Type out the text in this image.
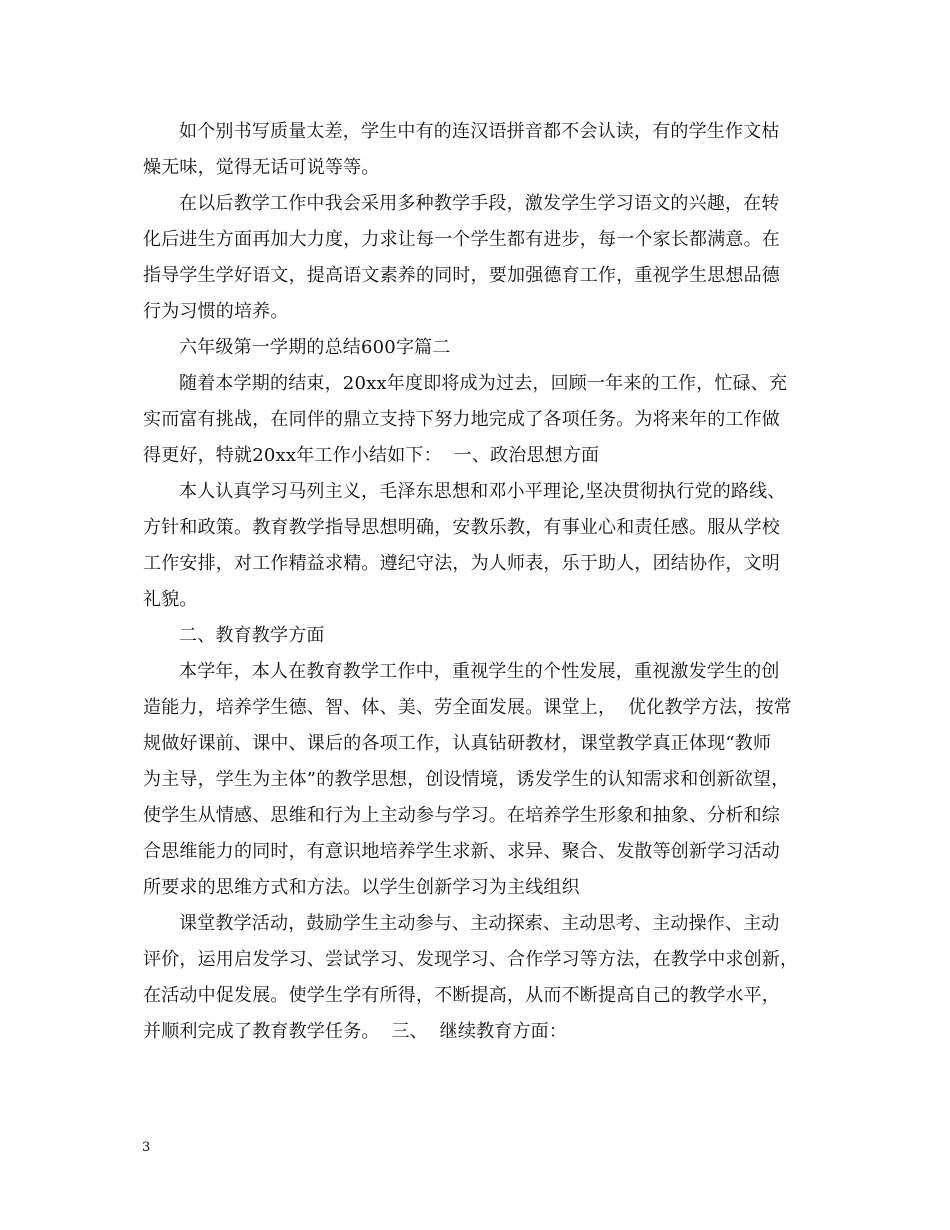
如个别书写质量太差，学生中有的连汉语拼音都不会认读，有的学生作文枯
燥无味，觉得无话可说等等。
在以后教学工作中我会采用多种教学手段，激发学生学习语文的兴趣，在转
化后进生方面再加大力度，力求让每一个学生都有进步，每一个家长都满意。在
指导学生学好语文，提高语文素养的同时，要加强德育工作，重视学生思想品德
行为习惯的培养。
六年级第一学期的总结600字篇二
随着本学期的结束，20xx年度即将成为过去，回顾一年来的工作，忙碌、充
实而富有挑战，在同伴的鼎立支持下努力地完成了各项任务。为将来年的工作做
得更好，特就20xx年工作小结如下：  一、政治思想方面
本人认真学习马列主义，毛泽东思想和邓小平理论,坚决贯彻执行党的路线、
方针和政策。教育教学指导思想明确，安教乐教，有事业心和责任感。服从学校
工作安排，对工作精益求精。遵纪守法，为人师表，乐于助人，团结协作，文明
礼貌。
二、教育教学方面
本学年，本人在教育教学工作中，重视学生的个性发展，重视激发学生的创
造能力，培养学生德、智、体、美、劳全面发展。课堂上，  优化教学方法，按常
规做好课前、课中、课后的各项工作，认真钻研教材，课堂教学真正体现“教师
为主导，学生为主体”的教学思想，创设情境，诱发学生的认知需求和创新欲望，
使学生从情感、思维和行为上主动参与学习。在培养学生形象和抽象、分析和综
合思维能力的同时，有意识地培养学生求新、求异、聚合、发散等创新学习活动
所要求的思维方式和方法。以学生创新学习为主线组织
课堂教学活动，鼓励学生主动参与、主动探索、主动思考、主动操作、主动
评价，运用启发学习、尝试学习、发现学习、合作学习等方法，在教学中求创新，
在活动中促发展。使学生学有所得，不断提高，从而不断提高自己的教学水平，
并顺利完成了教育教学任务。  三、  继续教育方面：
3
